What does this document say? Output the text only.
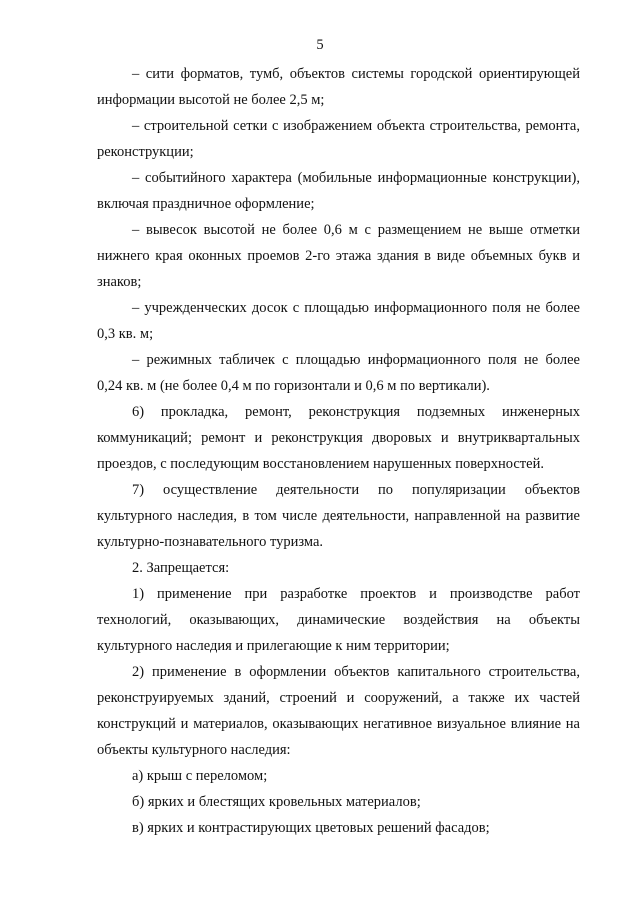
5

– сити форматов, тумб, объектов системы городской ориентирующей информации высотой не более 2,5 м;

– строительной сетки с изображением объекта строительства, ремонта, реконструкции;

– событийного характера (мобильные информационные конструкции), включая праздничное оформление;

– вывесок высотой не более 0,6 м с размещением не выше отметки нижнего края оконных проемов 2-го этажа здания в виде объемных букв и знаков;

– учрежденческих досок с площадью информационного поля не более 0,3 кв. м;

– режимных табличек с площадью информационного поля не более 0,24 кв. м (не более 0,4 м по горизонтали и 0,6 м по вертикали).

6) прокладка, ремонт, реконструкция подземных инженерных коммуникаций; ремонт и реконструкция дворовых и внутриквартальных проездов, с последующим восстановлением нарушенных поверхностей.

7) осуществление деятельности по популяризации объектов культурного наследия, в том числе деятельности, направленной на развитие культурно-познавательного туризма.

2. Запрещается:

1) применение при разработке проектов и производстве работ технологий, оказывающих, динамические воздействия на объекты культурного наследия и прилегающие к ним территории;

2) применение в оформлении объектов капитального строительства, реконструируемых зданий, строений и сооружений, а также их частей конструкций и материалов, оказывающих негативное визуальное влияние на объекты культурного наследия:

а) крыш с переломом;

б) ярких и блестящих кровельных материалов;

в) ярких и контрастирующих цветовых решений фасадов;
